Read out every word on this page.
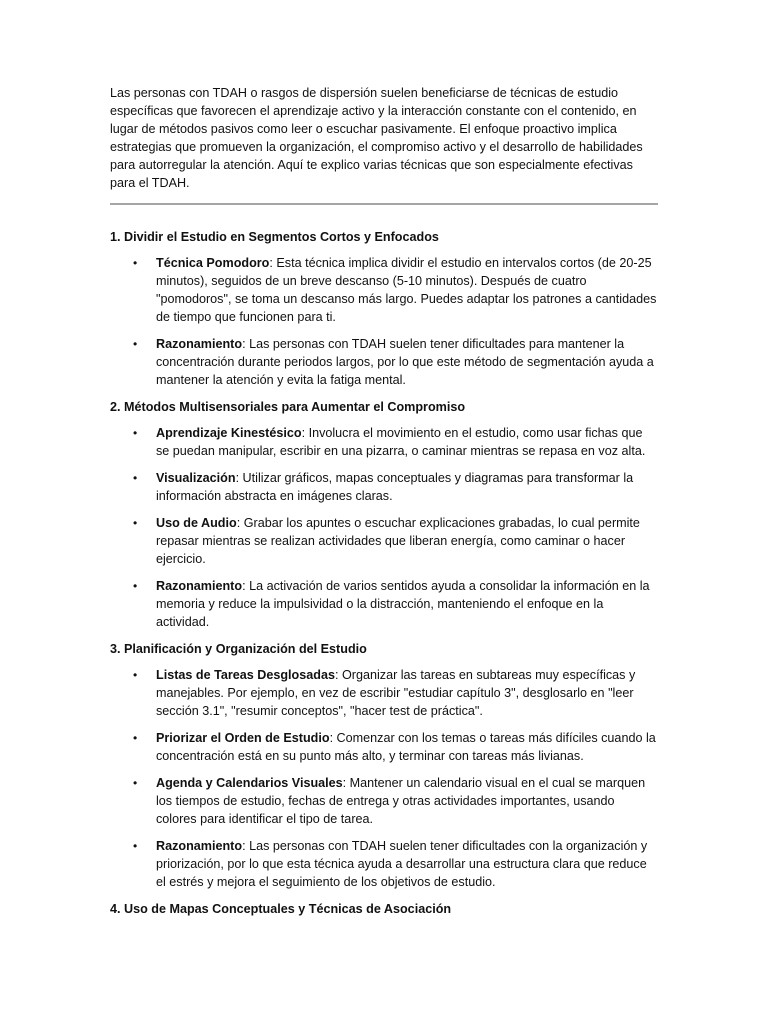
Las personas con TDAH o rasgos de dispersión suelen beneficiarse de técnicas de estudio específicas que favorecen el aprendizaje activo y la interacción constante con el contenido, en lugar de métodos pasivos como leer o escuchar pasivamente. El enfoque proactivo implica estrategias que promueven la organización, el compromiso activo y el desarrollo de habilidades para autorregular la atención. Aquí te explico varias técnicas que son especialmente efectivas para el TDAH.

1. Dividir el Estudio en Segmentos Cortos y Enfocados
• Técnica Pomodoro: Esta técnica implica dividir el estudio en intervalos cortos (de 20-25 minutos), seguidos de un breve descanso (5-10 minutos). Después de cuatro "pomodoros", se toma un descanso más largo. Puedes adaptar los patrones a cantidades de tiempo que funcionen para ti.
• Razonamiento: Las personas con TDAH suelen tener dificultades para mantener la concentración durante periodos largos, por lo que este método de segmentación ayuda a mantener la atención y evita la fatiga mental.
2. Métodos Multisensoriales para Aumentar el Compromiso
• Aprendizaje Kinestésico: Involucra el movimiento en el estudio, como usar fichas que se puedan manipular, escribir en una pizarra, o caminar mientras se repasa en voz alta.
• Visualización: Utilizar gráficos, mapas conceptuales y diagramas para transformar la información abstracta en imágenes claras.
• Uso de Audio: Grabar los apuntes o escuchar explicaciones grabadas, lo cual permite repasar mientras se realizan actividades que liberan energía, como caminar o hacer ejercicio.
• Razonamiento: La activación de varios sentidos ayuda a consolidar la información en la memoria y reduce la impulsividad o la distracción, manteniendo el enfoque en la actividad.
3. Planificación y Organización del Estudio
• Listas de Tareas Desglosadas: Organizar las tareas en subtareas muy específicas y manejables. Por ejemplo, en vez de escribir "estudiar capítulo 3", desglosarlo en "leer sección 3.1", "resumir conceptos", "hacer test de práctica".
• Priorizar el Orden de Estudio: Comenzar con los temas o tareas más difíciles cuando la concentración está en su punto más alto, y terminar con tareas más livianas.
• Agenda y Calendarios Visuales: Mantener un calendario visual en el cual se marquen los tiempos de estudio, fechas de entrega y otras actividades importantes, usando colores para identificar el tipo de tarea.
• Razonamiento: Las personas con TDAH suelen tener dificultades con la organización y priorización, por lo que esta técnica ayuda a desarrollar una estructura clara que reduce el estrés y mejora el seguimiento de los objetivos de estudio.
4. Uso de Mapas Conceptuales y Técnicas de Asociación
